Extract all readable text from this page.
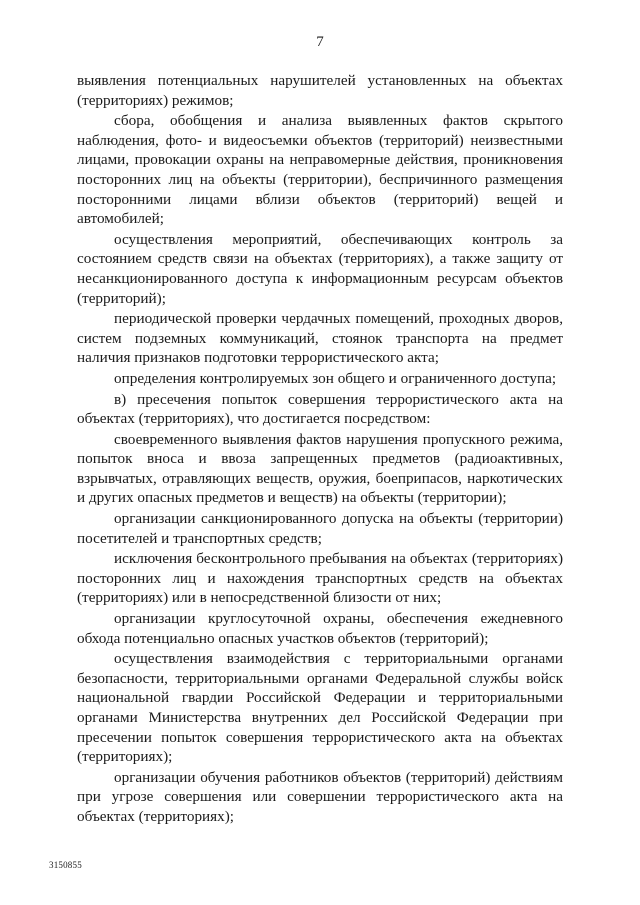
7

выявления потенциальных нарушителей установленных на объектах (территориях) режимов;

сбора, обобщения и анализа выявленных фактов скрытого наблюдения, фото- и видеосъемки объектов (территорий) неизвестными лицами, провокации охраны на неправомерные действия, проникновения посторонних лиц на объекты (территории), беспричинного размещения посторонними лицами вблизи объектов (территорий) вещей и автомобилей;

осуществления мероприятий, обеспечивающих контроль за состоянием средств связи на объектах (территориях), а также защиту от несанкционированного доступа к информационным ресурсам объектов (территорий);

периодической проверки чердачных помещений, проходных дворов, систем подземных коммуникаций, стоянок транспорта на предмет наличия признаков подготовки террористического акта;

определения контролируемых зон общего и ограниченного доступа;

в) пресечения попыток совершения террористического акта на объектах (территориях), что достигается посредством:

своевременного выявления фактов нарушения пропускного режима, попыток вноса и ввоза запрещенных предметов (радиоактивных, взрывчатых, отравляющих веществ, оружия, боеприпасов, наркотических и других опасных предметов и веществ) на объекты (территории);

организации санкционированного допуска на объекты (территории) посетителей и транспортных средств;

исключения бесконтрольного пребывания на объектах (территориях) посторонних лиц и нахождения транспортных средств на объектах (территориях) или в непосредственной близости от них;

организации круглосуточной охраны, обеспечения ежедневного обхода потенциально опасных участков объектов (территорий);

осуществления взаимодействия с территориальными органами безопасности, территориальными органами Федеральной службы войск национальной гвардии Российской Федерации и территориальными органами Министерства внутренних дел Российской Федерации при пресечении попыток совершения террористического акта на объектах (территориях);

организации обучения работников объектов (территорий) действиям при угрозе совершения или совершении террористического акта на объектах (территориях);

3150855
